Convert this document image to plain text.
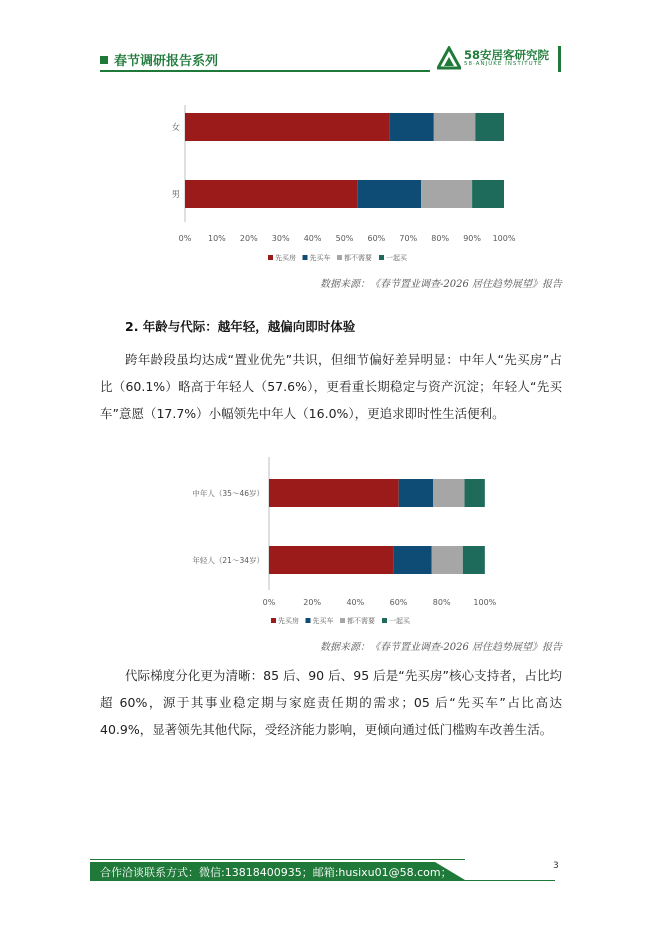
春节调研报告系列	58安居客研究院
58·ANJUKE INSTITUTE
女
男
0% 10% 20% 30% 40% 50% 60% 70% 80% 90% 100%
先买房 先买车 都不需要 一起买
数据来源：《春节置业调查-2026 居住趋势展望》报告
2. 年龄与代际：越年轻，越偏向即时体验
跨年龄段虽均达成“置业优先”共识，但细节偏好差异明显：中年人“先买房”占比（60.1%）略高于年轻人（57.6%），更看重长期稳定与资产沉淀；年轻人“先买车”意愿（17.7%）小幅领先中年人（16.0%），更追求即时性生活便利。
中年人（35～46岁）
年轻人（21～34岁）
0%	20%	40%	60%	80%	100%
先买房 先买车 都不需要 一起买
数据来源：《春节置业调查-2026 居住趋势展望》报告
代际梯度分化更为清晰：85 后、90 后、95 后是“先买房”核心支持者，占比均超 60%，源于其事业稳定期与家庭责任期的需求；05 后“先买车”占比高达 40.9%，显著领先其他代际，受经济能力影响，更倾向通过低门槛购车改善生活。
合作洽谈联系方式：微信:13818400935；邮箱:husixu01@58.com；	3
